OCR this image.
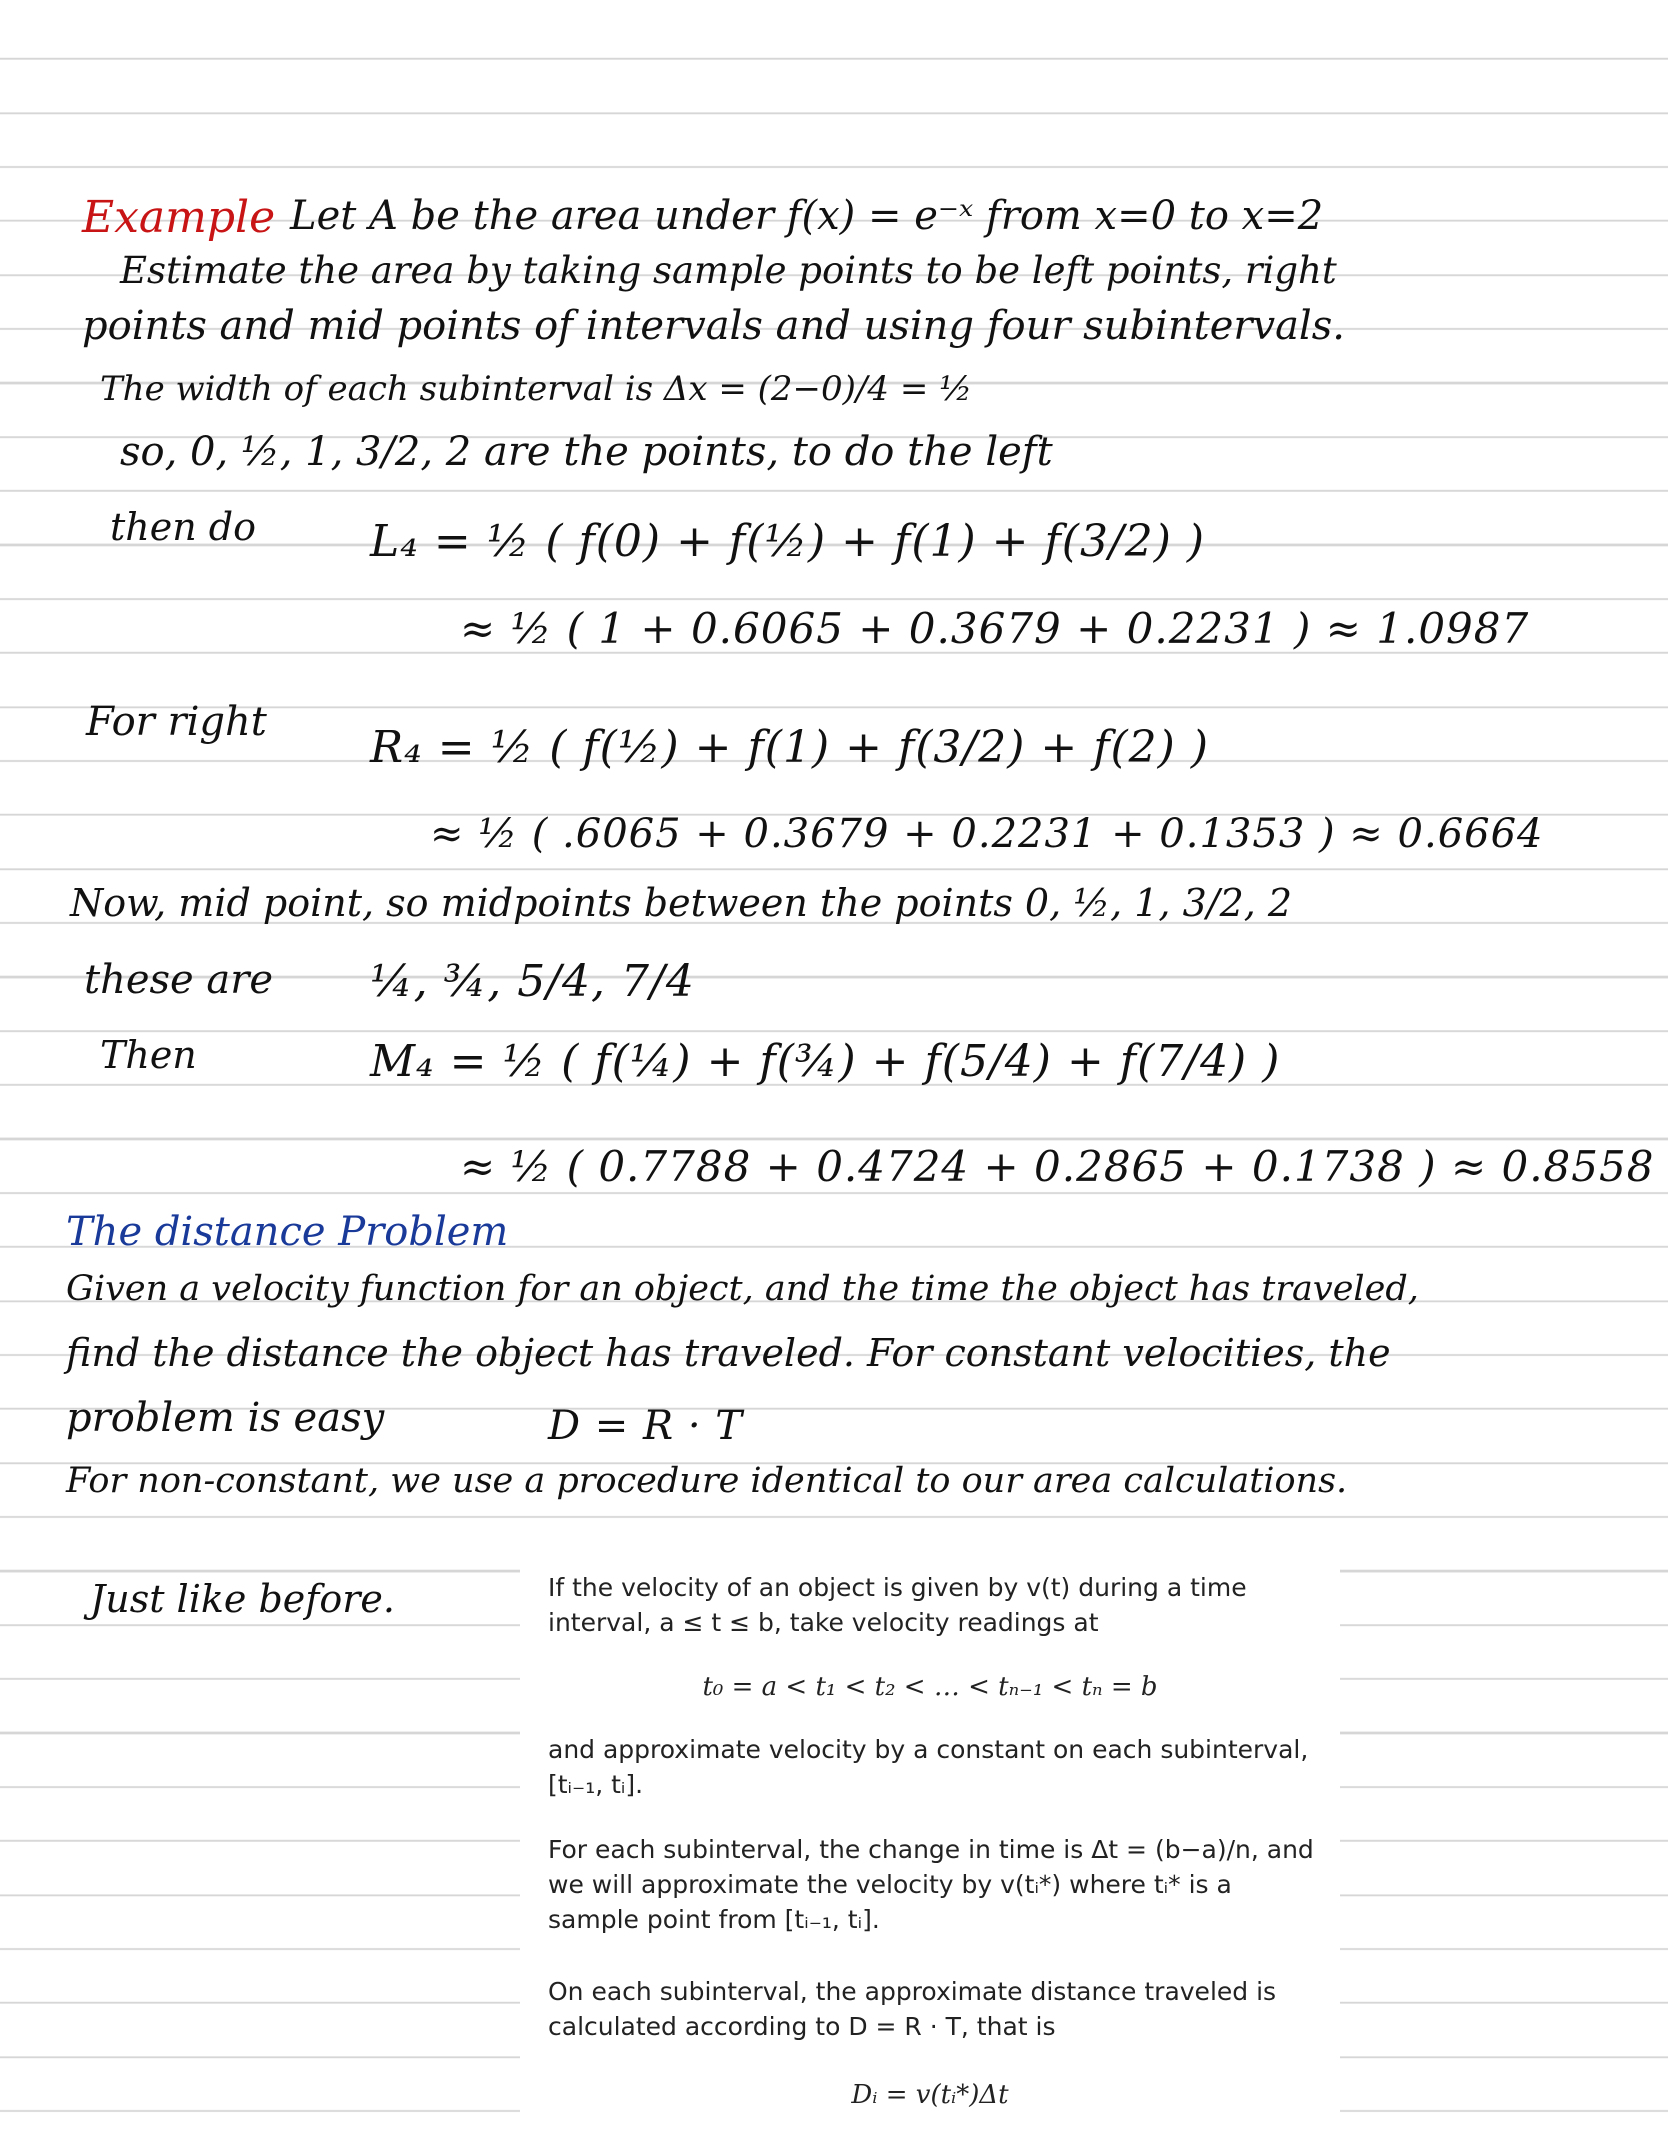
Example Let A be the area under f(x) = e⁻ˣ from x=0 to x=2
Estimate the area by taking sample points to be left points, right
points and mid points of intervals and using four subintervals.
The width of each subinterval is Δx = (2−0)/4 = ½
so, 0, ½, 1, 3/2, 2 are the points, to do the left
then do	L₄ = ½ ( f(0) + f(½) + f(1) + f(3/2) )
≈ ½ ( 1 + 0.6065 + 0.3679 + 0.2231 ) ≈ 1.0987
For right R₄ = ½ ( f(½) + f(1) + f(3/2) + f(2) )
≈ ½ ( .6065 + 0.3679 + 0.2231 + 0.1353 ) ≈ 0.6664
Now, mid point, so midpoints between the points 0, ½, 1, 3/2, 2
these are ¼, ¾, 5/4, 7/4
Then	M₄ = ½ ( f(¼) + f(¾) + f(5/4) + f(7/4) )
≈ ½ ( 0.7788 + 0.4724 + 0.2865 + 0.1738 ) ≈ 0.8558
The distance Problem
Given a velocity function for an object, and the time the object has traveled,
find the distance the object has traveled. For constant velocities, the
problem is easy	D = R · T
For non-constant, we use a procedure identical to our area calculations.
Just like before.	If the velocity of an object is given by v(t) during a time interval, a ≤ t ≤ b, take velocity readings at

t₀ = a < t₁ < t₂ < … < tₙ₋₁ < tₙ = b

and approximate velocity by a constant on each subinterval, [tᵢ₋₁, tᵢ].

For each subinterval, the change in time is Δt = (b−a)/n, and we will approximate the velocity by v(tᵢ*) where tᵢ* is a sample point from [tᵢ₋₁, tᵢ].

On each subinterval, the approximate distance traveled is calculated according to D = R · T, that is

Dᵢ = v(tᵢ*)Δt
